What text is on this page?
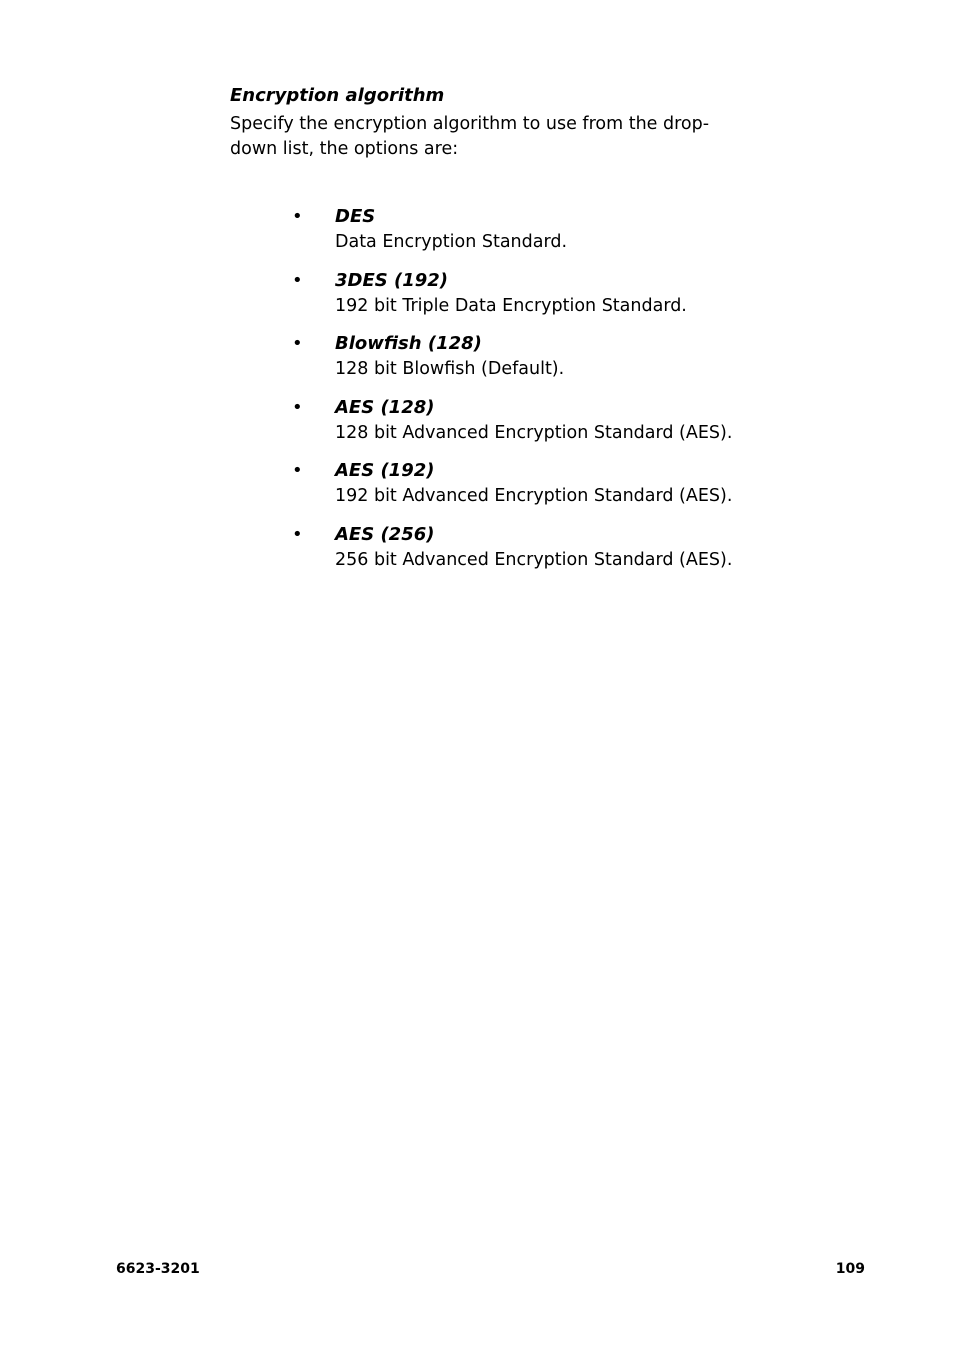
Encryption algorithm
Specify the encryption algorithm to use from the drop-down list, the options are:
• DES
Data Encryption Standard.
• 3DES (192)
192 bit Triple Data Encryption Standard.
• Blowfish (128)
128 bit Blowfish (Default).
• AES (128)
128 bit Advanced Encryption Standard (AES).
• AES (192)
192 bit Advanced Encryption Standard (AES).
• AES (256)
256 bit Advanced Encryption Standard (AES).
6623-3201	109
